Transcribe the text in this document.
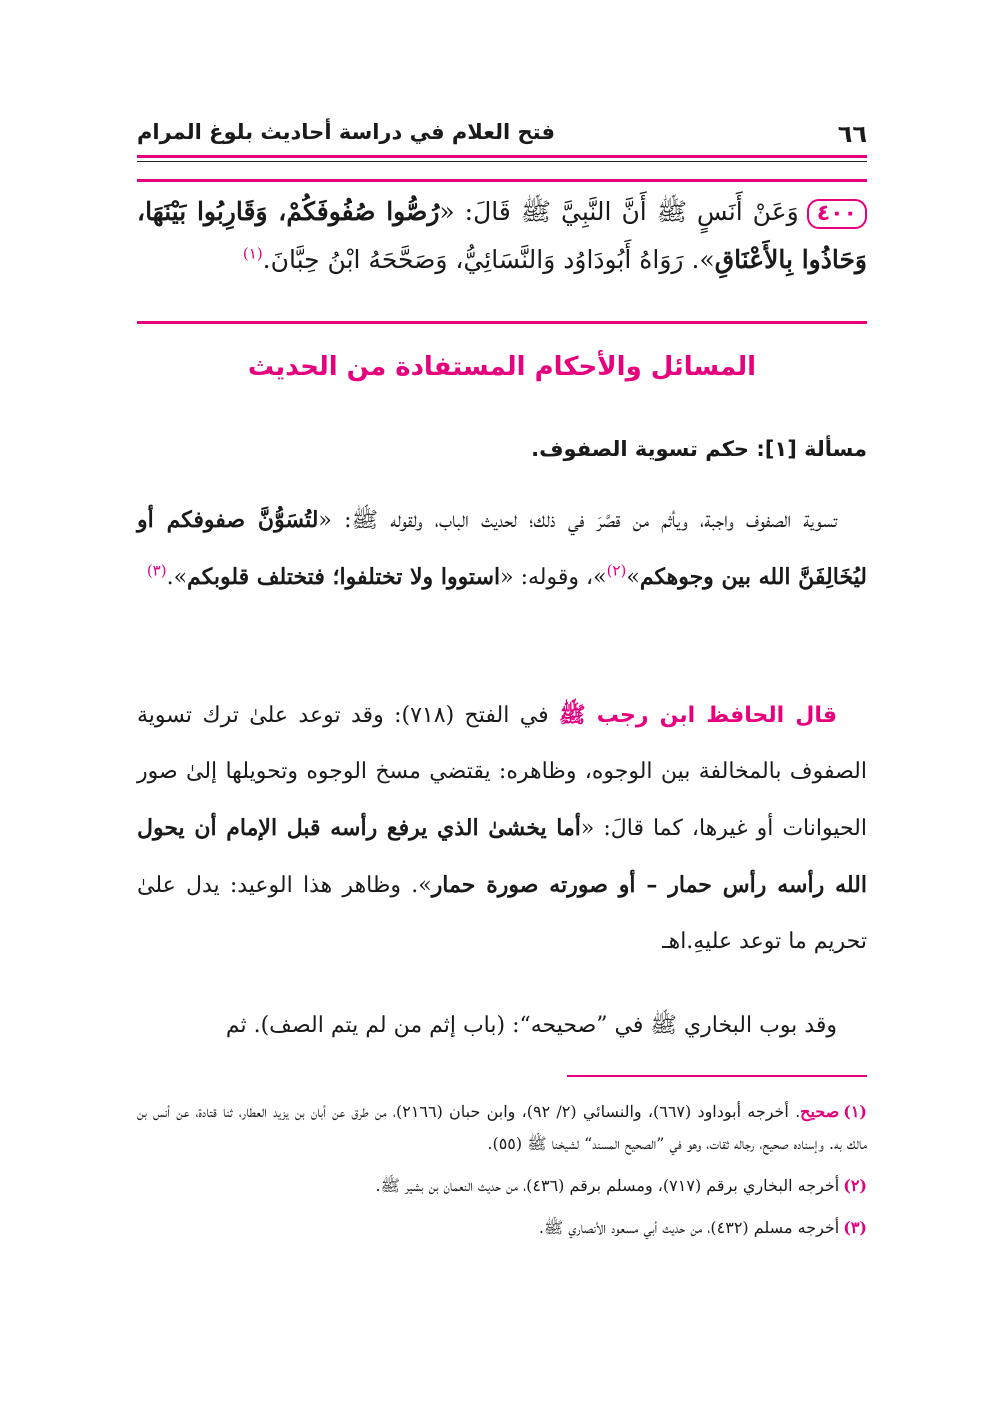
٦٦
فتح العلام في دراسة أحاديث بلوغ المرام
٤٠٠وَعَنْ أَنَسٍ ﷺ أَنَّ النَّبِيَّ ﷺ قَالَ: «رُصُّوا صُفُوفَكُمْ، وَقَارِبُوا بَيْنَهَا، وَحَاذُوا بِالأَعْنَاقِ». رَوَاهُ أَبُودَاوُد وَالنَّسَائِيُّ، وَصَحَّحَهُ ابْنُ حِبَّانَ.$^{(١)}$
المسائل والأحكام المستفادة من الحديث
مسألة [١]: حكم تسوية الصفوف.
تسوية الصفوف واجبة، ويأثم من قصَّرَ في ذلك؛ لحديث الباب، ولقوله ﷺ: «لتُسَوُّنَّ صفوفكم أو ليُخَالِفَنَّ الله بين وجوهكم»$^{(٢)}$»، وقوله: «استووا ولا تختلفوا؛ فتختلف قلوبكم».$^{(٣)}$
قال الحافظ ابن رجب ﷺ في الفتح (٧١٨): وقد توعد علىٰ ترك تسوية الصفوف بالمخالفة بين الوجوه، وظاهره: يقتضي مسخ الوجوه وتحويلها إلىٰ صور الحيوانات أو غيرها، كما قالَ: «أما يخشىٰ الذي يرفع رأسه قبل الإمام أن يحول الله رأسه رأس حمار – أو صورته صورة حمار». وظاهر هذا الوعيد: يدل علىٰ تحريم ما توعد عليهِ.اهـ
وقد بوب البخاري ﷺ في ”صحيحه“: (باب إثم من لم يتم الصف). ثم
(١)صحيح. أخرجه أبوداود (٦٦٧)، والنسائي (٢/ ٩٢)، وابن حبان (٢١٦٦)، من طرق عن أبان بن يزيد العطار، ثنا قتادة، عن أنس بن مالك به. وإسناده صحيح، رجاله ثقات، وهو في ”الصحيح المسند“ لشيخنا ﷺ (٥٥).
(٢)أخرجه البخاري برقم (٧١٧)، ومسلم برقم (٤٣٦)، من حديث النعمان بن بشير ﷺ.
(٣)أخرجه مسلم (٤٣٢)، من حديث أبي مسعود الأنصاري ﷺ.
